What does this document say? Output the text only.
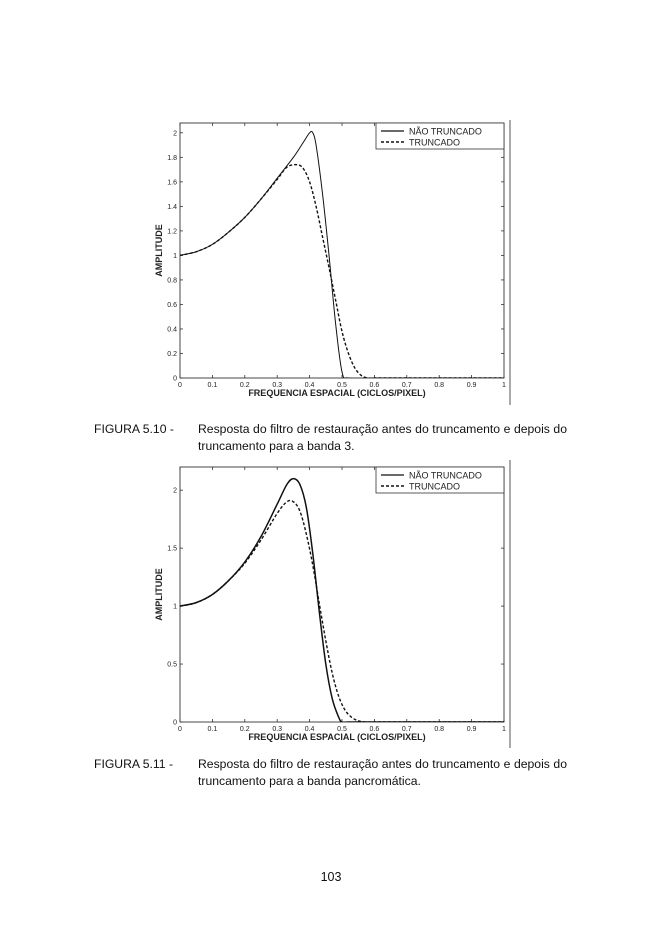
0	0.1	0.2	0.3	0.4	0.5	0.6	0.7	0.8	0.9	1
0
0.2
0.4
0.6
0.8
1
1.2
1.4
1.6
1.8
2
FREQUENCIA ESPACIAL (CICLOS/PIXEL)
AMPLITUDE
NÃO TRUNCADO
TRUNCADO
FIGURA 5.10 - Resposta do filtro de restauração antes do truncamento e depois do truncamento para a banda 3.
0	0.1	0.2	0.3	0.4	0.5	0.6	0.7	0.8	0.9	1
0
0.5
1
1.5
2
FREQUENCIA ESPACIAL (CICLOS/PIXEL)
AMPLITUDE
NÃO TRUNCADO
TRUNCADO
FIGURA 5.11 - Resposta do filtro de restauração antes do truncamento e depois do truncamento para a banda pancromática.
103
